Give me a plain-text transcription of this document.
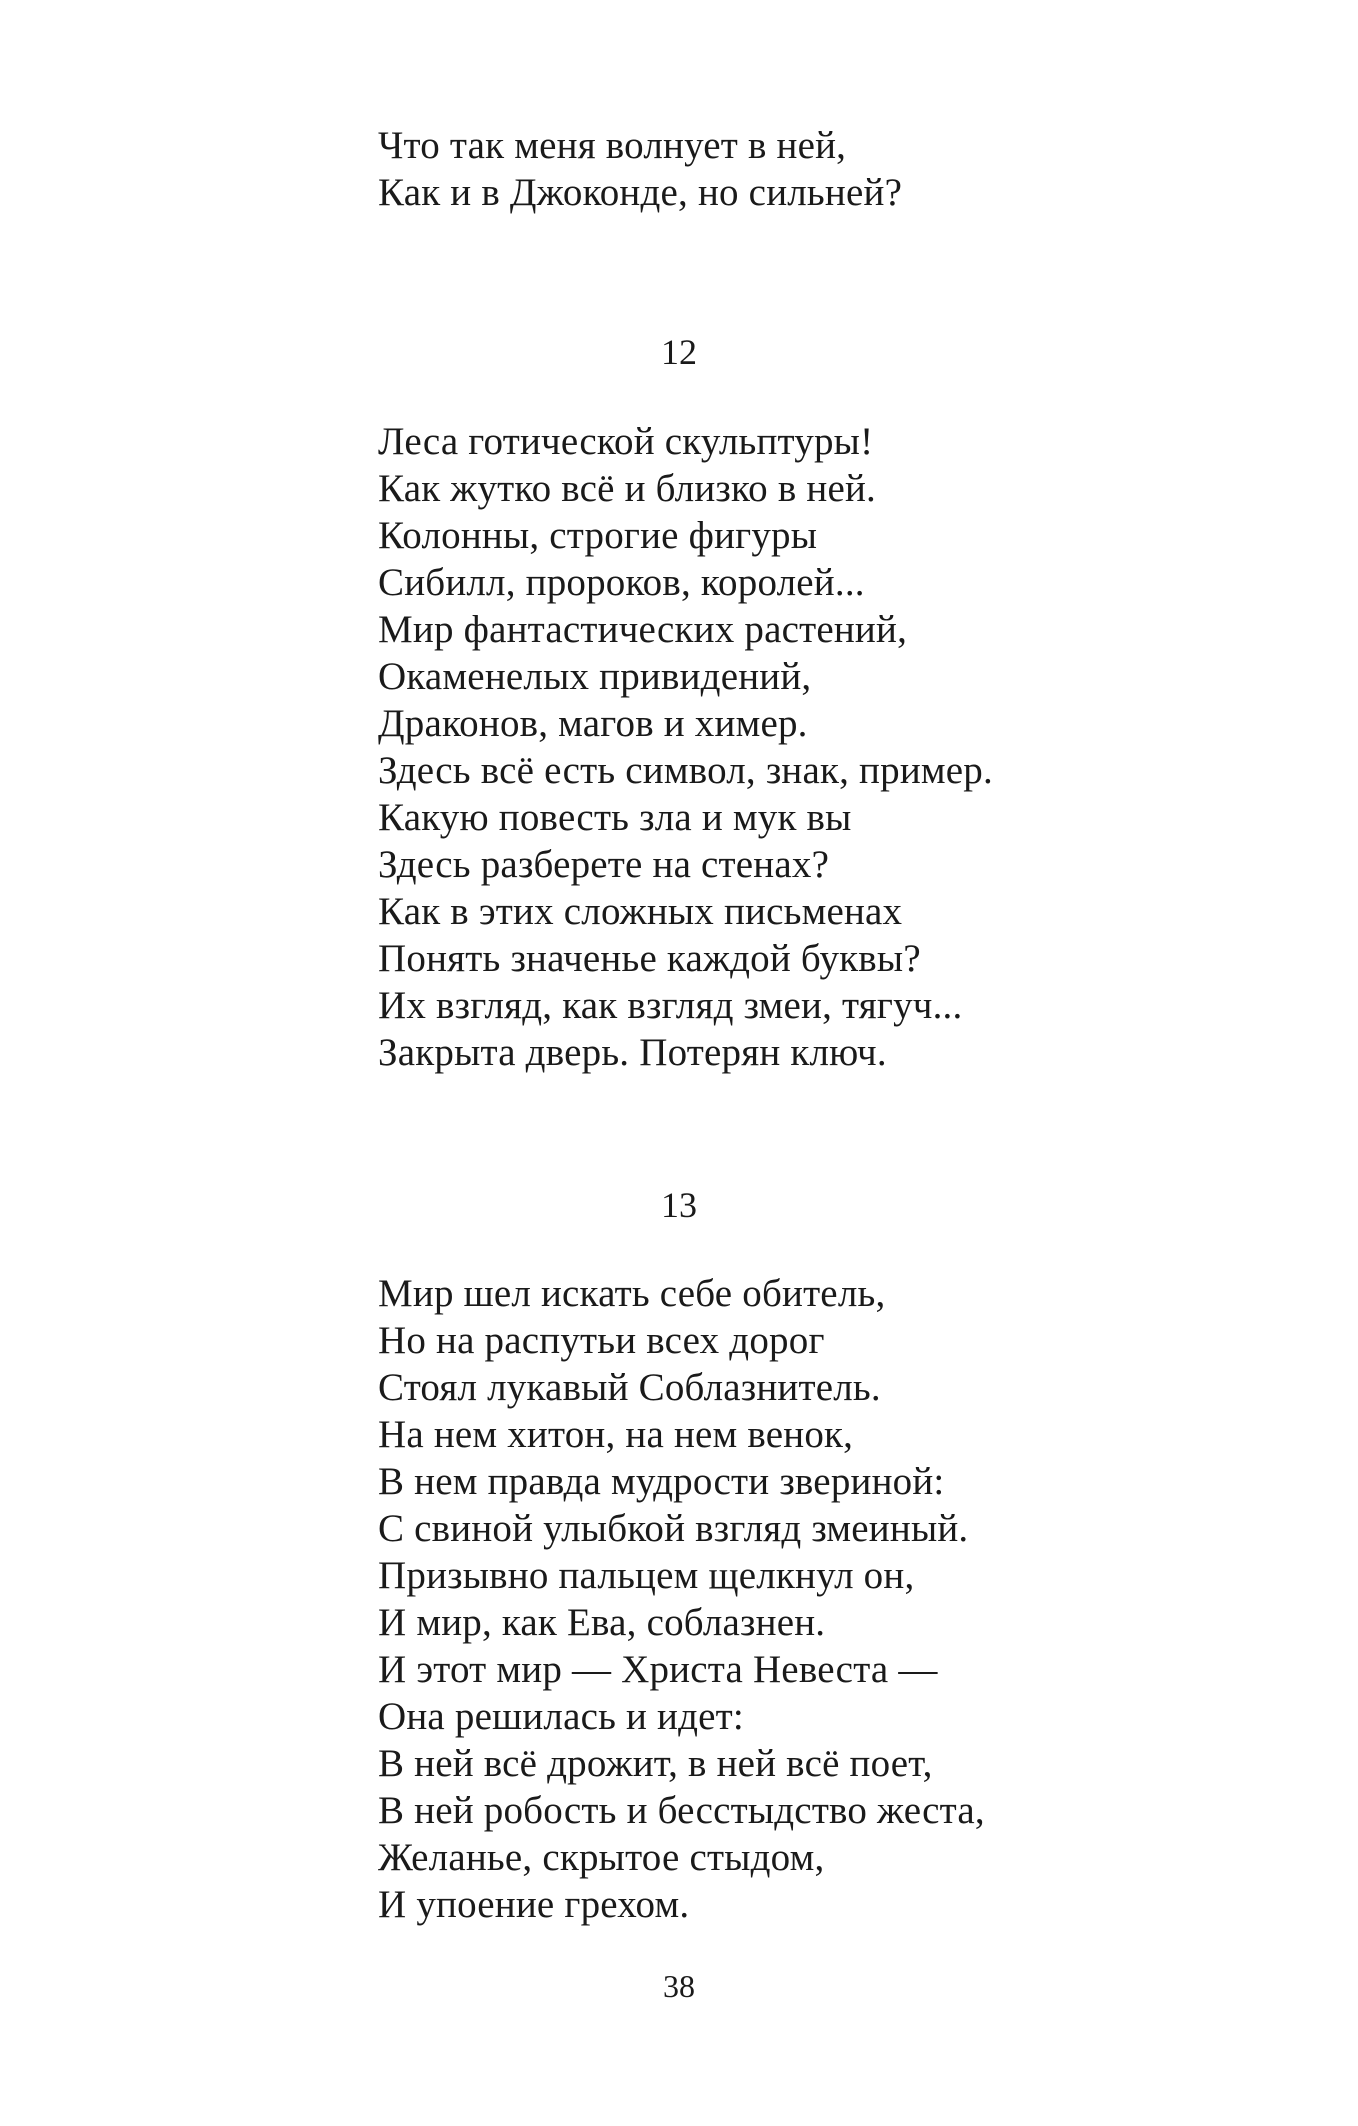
Что так меня волнует в ней,
Как и в Джоконде, но сильней?
12
Леса готической скульптуры!
Как жутко всё и близко в ней.
Колонны, строгие фигуры
Сибилл, пророков, королей...
Мир фантастических растений,
Окаменелых привидений,
Драконов, магов и химер.
Здесь всё есть символ, знак, пример.
Какую повесть зла и мук вы
Здесь разберете на стенах?
Как в этих сложных письменах
Понять значенье каждой буквы?
Их взгляд, как взгляд змеи, тягуч...
Закрыта дверь. Потерян ключ.
13
Мир шел искать себе обитель,
Но на распутьи всех дорог
Стоял лукавый Соблазнитель.
На нем хитон, на нем венок,
В нем правда мудрости звериной:
С свиной улыбкой взгляд змеиный.
Призывно пальцем щелкнул он,
И мир, как Ева, соблазнен.
И этот мир — Христа Невеста —
Она решилась и идет:
В ней всё дрожит, в ней всё поет,
В ней робость и бесстыдство жеста,
Желанье, скрытое стыдом,
И упоение грехом.
38
